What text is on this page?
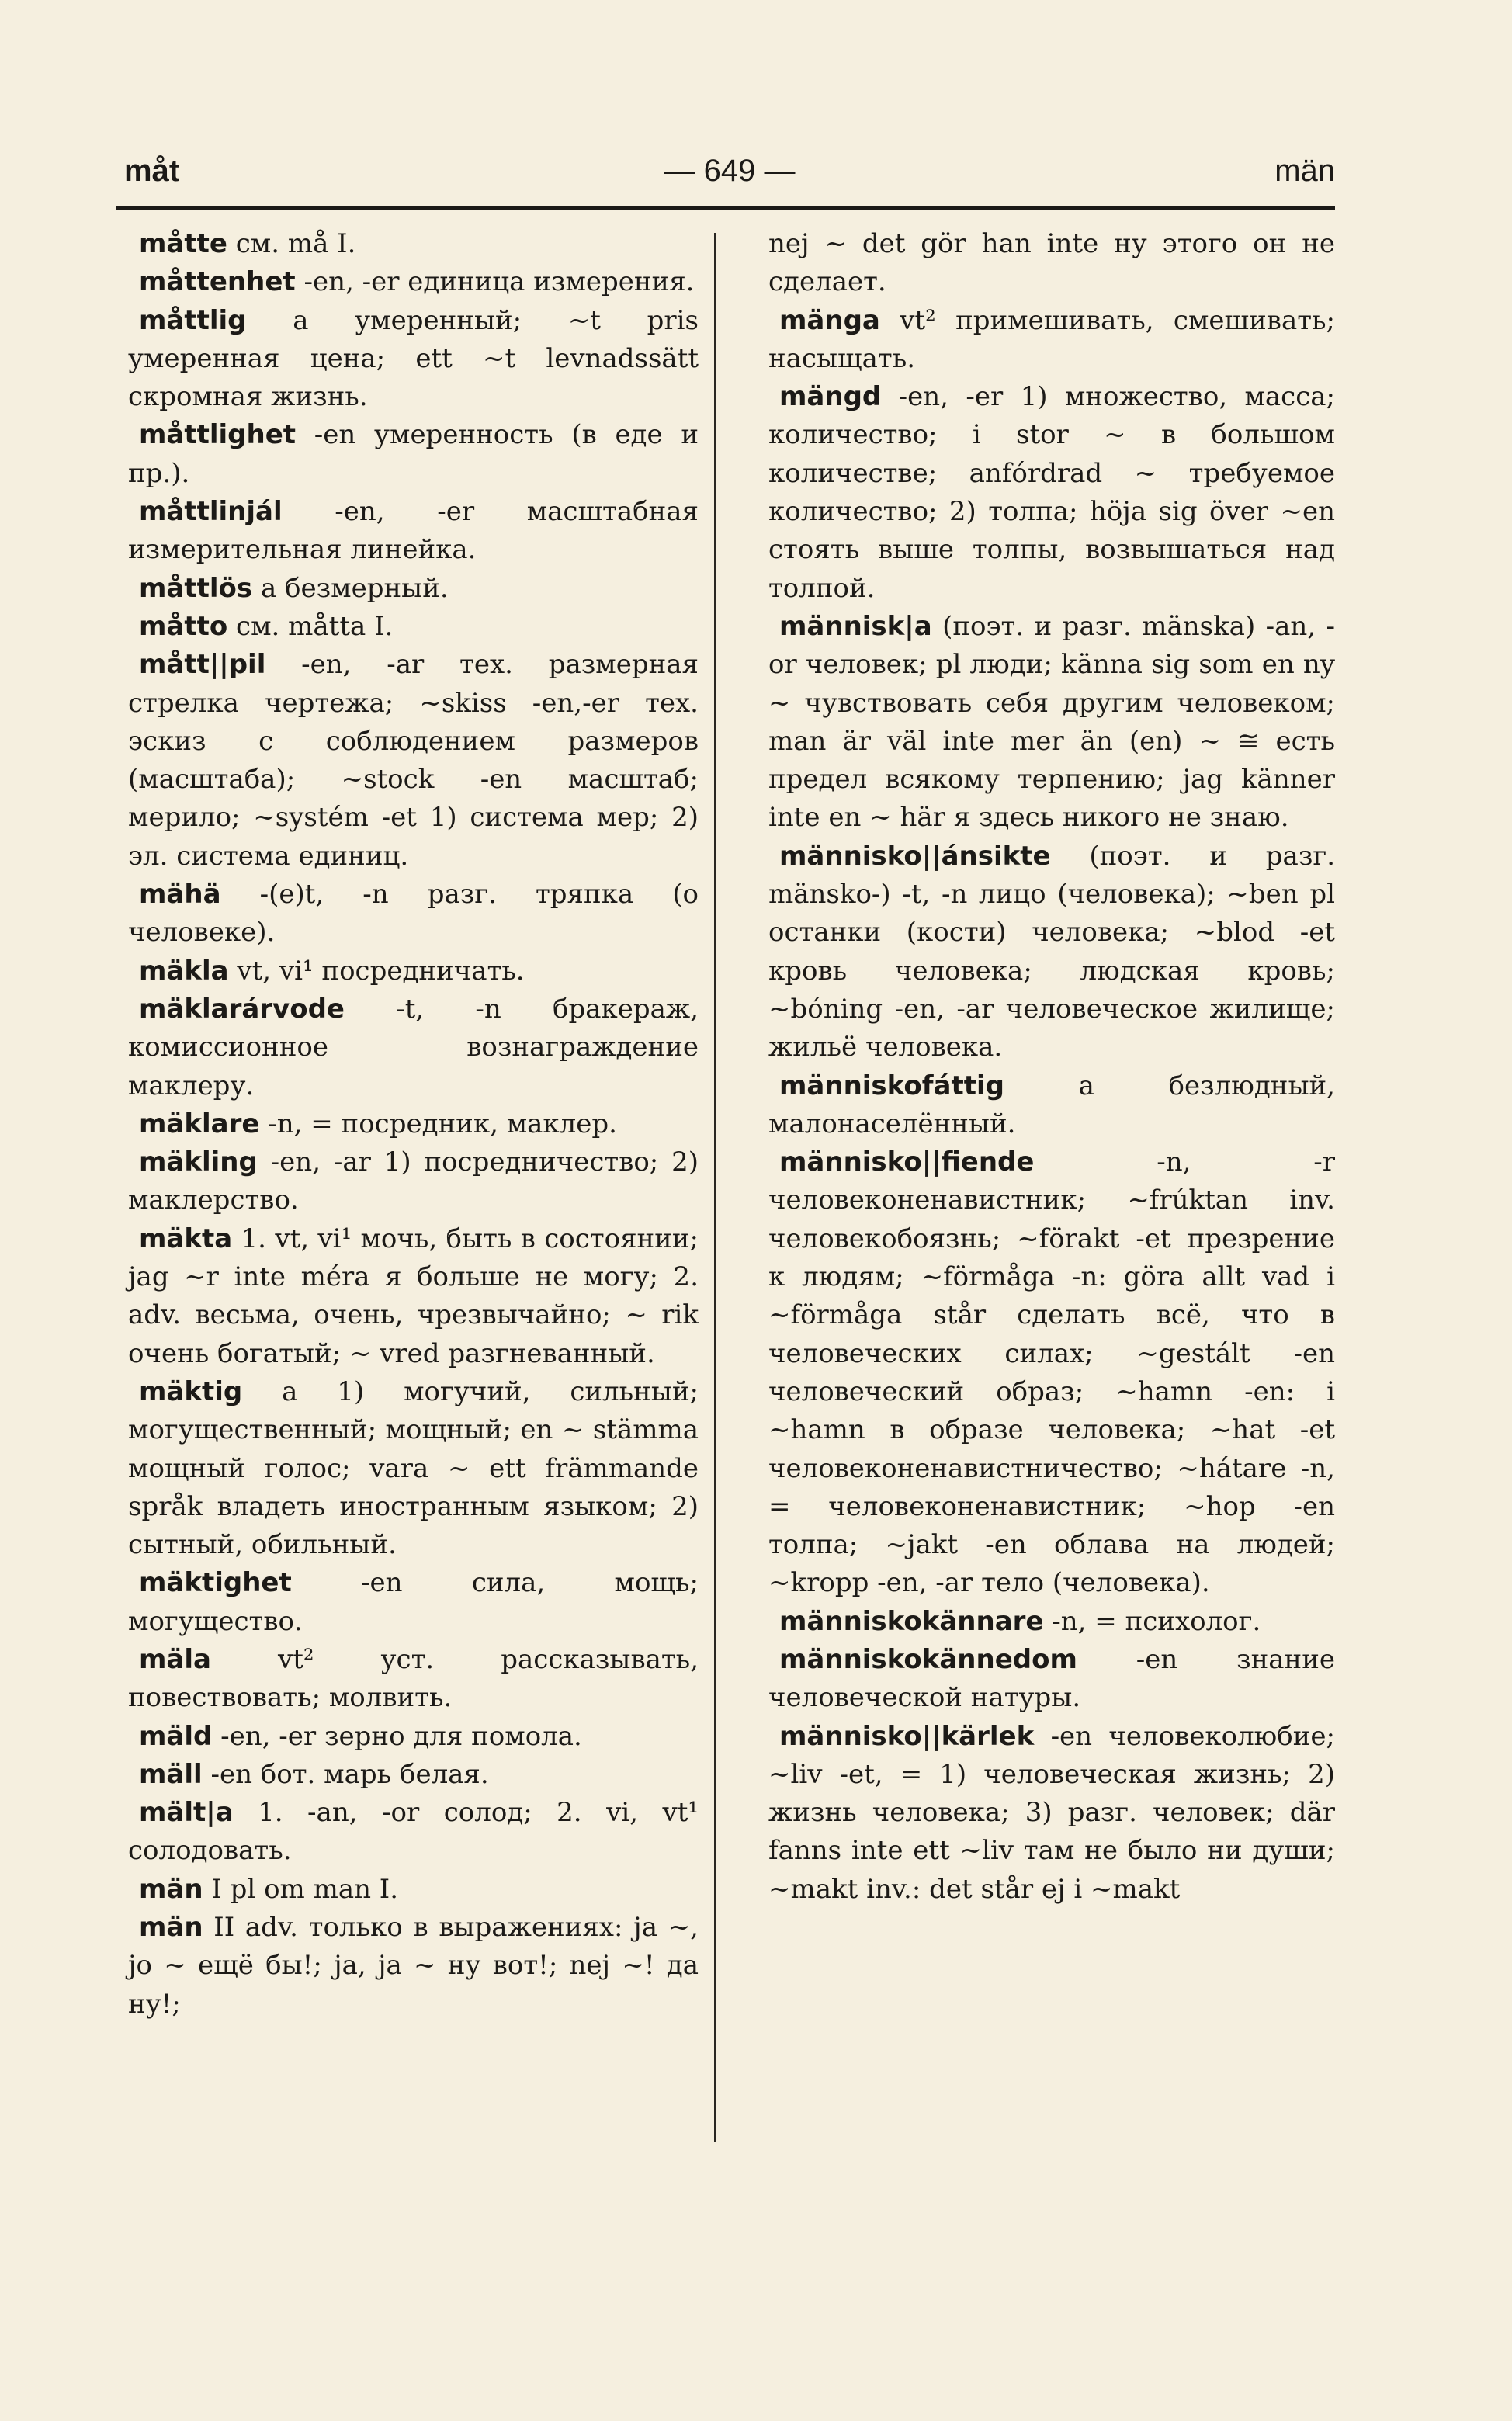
måt	— 649 —	män

måtte см. må I.

måttenhet -en, -er единица измерения.

måttlig a умеренный; ~t pris умеренная цена; ett ~t levnadssätt скромная жизнь.

måttlighet -en умеренность (в еде и пр.).

måttlinjál -en, -er масштабная измерительная линейка.

måttlös a безмерный.

måtto см. måtta I.

mått||pil -en, -ar тех. размерная стрелка чертежа; ~skiss -en,-er тех. эскиз с соблюдением размеров (масштаба); ~stock -en масштаб; мерило; ~systém -et 1) система мер; 2) эл. система единиц.

mähä -(e)t, -n разг. тряпка (о человеке).

mäkla vt, vi¹ посредничать.

mäklarárvode -t, -n бракераж, комиссионное вознаграждение маклеру.

mäklare -n, = посредник, маклер.

mäkling -en, -ar 1) посредничество; 2) маклерство.

mäkta 1. vt, vi¹ мочь, быть в состоянии; jag ~r inte méra я больше не могу; 2. adv. весьма, очень, чрезвычайно; ~ rik очень богатый; ~ vred разгневанный.

mäktig a 1) могучий, сильный; могущественный; мощный; en ~ stämma мощный голос; vara ~ ett främmande språk владеть иностранным языком; 2) сытный, обильный.

mäktighet -en сила, мощь; могущество.

mäla vt² уст. рассказывать, повествовать; молвить.

mäld -en, -er зерно для помола.

mäll -en бот. марь белая.

mält|a 1. -an, -or солод; 2. vi, vt¹ солодовать.

män I pl om man I.

män II adv. только в выражениях: ja ~, jo ~ ещё бы!; ja, ja ~ ну вот!; nej ~! да ну!;

nej ~ det gör han inte ну этого он не сделает.

mänga vt² примешивать, смешивать; насыщать.

mängd -en, -er 1) множество, масса; количество; i stor ~ в большом количестве; anfórdrad ~ требуемое количество; 2) толпа; höja sig över ~en стоять выше толпы, возвышаться над толпой.

människ|a (поэт. и разг. mänska) -an, -or человек; pl люди; känna sig som en ny ~ чувствовать себя другим человеком; man är väl inte mer än (en) ~ ≅ есть предел всякому терпению; jag känner inte en ~ här я здесь никого не знаю.

människo||ánsikte (поэт. и разг. mänsko-) -t, -n лицо (человека); ~ben pl останки (кости) человека; ~blod -et кровь человека; людская кровь; ~bóning -en, -ar человеческое жилище; жильё человека.

människofáttig a безлюдный, малонаселённый.

människo||fiende -n, -r человеконенавистник; ~frúktan inv. человекобоязнь; ~förakt -et презрение к людям; ~förmåga -n: göra allt vad i ~förmåga står сделать всё, что в человеческих силах; ~gestált -en человеческий образ; ~hamn -en: i ~hamn в образе человека; ~hat -et человеконенавистничество; ~hátare -n, = человеконенавистник; ~hop -en толпа; ~jakt -en облава на людей; ~kropp -en, -ar тело (человека).

människokännare -n, = психолог.

människokännedom -en знание человеческой натуры.

människo||kärlek -en человеколюбие; ~liv -et, = 1) человеческая жизнь; 2) жизнь человека; 3) разг. человек; där fanns inte ett ~liv там не было ни души; ~makt inv.: det står ej i ~makt
